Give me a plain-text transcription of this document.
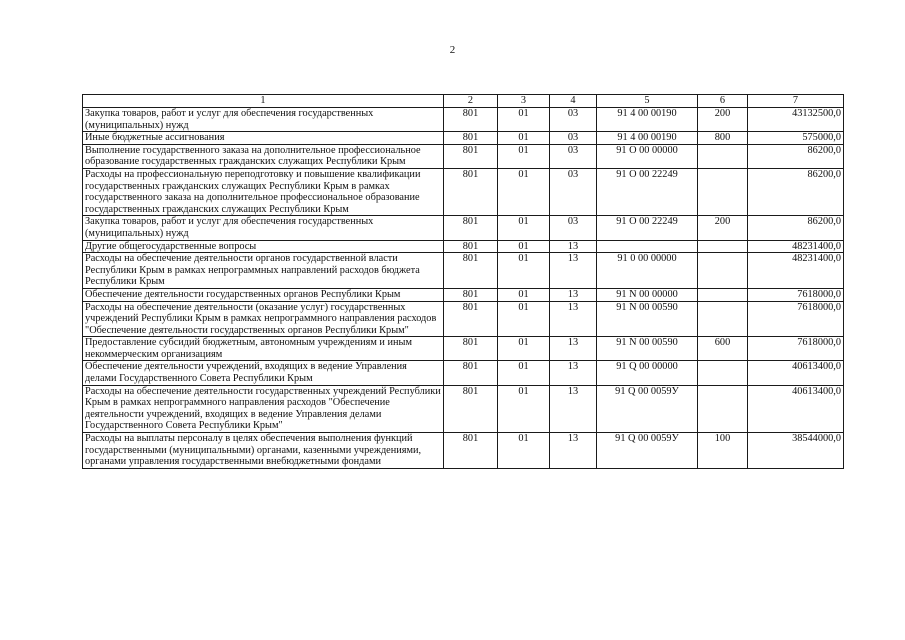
2
1	2	3	4	5	6	7
Закупка товаров, работ и услуг для обеспечения государственных (муниципальных) нужд	801	01	03	91 4 00 00190	200	43132500,0
Иные бюджетные ассигнования	801	01	03	91 4 00 00190	800	575000,0
Выполнение государственного заказа на дополнительное профессиональное образование государственных гражданских служащих Республики Крым	801	01	03	91 О 00 00000		86200,0
Расходы на профессиональную переподготовку и повышение квалификации государственных гражданских служащих Республики Крым в рамках государственного заказа на дополнительное профессиональное образование государственных гражданских служащих Республики Крым	801	01	03	91 О 00 22249		86200,0
Закупка товаров, работ и услуг для обеспечения государственных (муниципальных) нужд	801	01	03	91 О 00 22249	200	86200,0
Другие общегосударственные вопросы	801	01	13			48231400,0
Расходы на обеспечение деятельности органов государственной власти Республики Крым в рамках непрограммных направлений расходов бюджета Республики Крым	801	01	13	91 0 00 00000		48231400,0
Обеспечение деятельности государственных органов Республики Крым	801	01	13	91 N 00 00000		7618000,0
Расходы на обеспечение деятельности (оказание услуг) государственных учреждений Республики Крым в рамках непрограммного направления расходов "Обеспечение деятельности государственных органов Республики Крым"	801	01	13	91 N 00 00590		7618000,0
Предоставление субсидий бюджетным, автономным учреждениям и иным некоммерческим организациям	801	01	13	91 N 00 00590	600	7618000,0
Обеспечение деятельности учреждений, входящих в ведение Управления делами Государственного Совета Республики Крым	801	01	13	91 Q 00 00000		40613400,0
Расходы на обеспечение деятельности государственных учреждений Республики Крым в рамках непрограммного направления расходов "Обеспечение деятельности учреждений, входящих в ведение Управления делами Государственного Совета Республики Крым"	801	01	13	91 Q 00 0059У		40613400,0
Расходы на выплаты персоналу в целях обеспечения выполнения функций государственными (муниципальными) органами, казенными учреждениями, органами управления государственными внебюджетными фондами	801	01	13	91 Q 00 0059У	100	38544000,0
